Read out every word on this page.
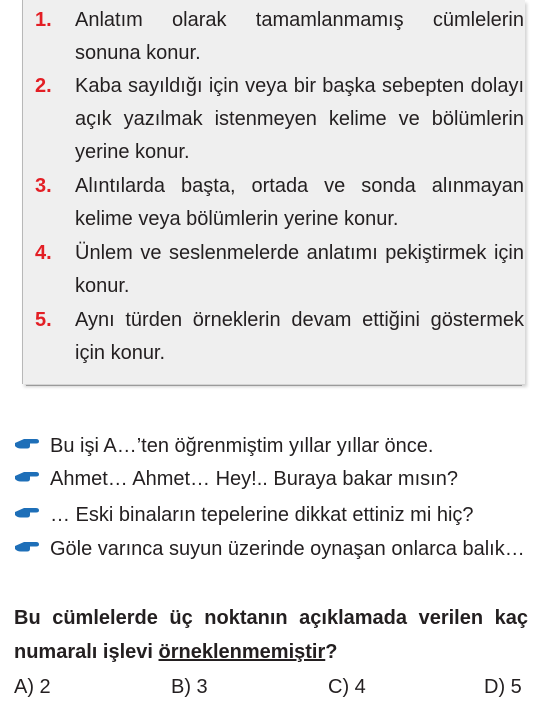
1.	Anlatım olarak tamamlanmamış cümlelerin sonuna konur.
2.	Kaba sayıldığı için veya bir başka sebepten dolayı açık yazılmak istenmeyen kelime ve bölümlerin yerine konur.
3.	Alıntılarda başta, ortada ve sonda alınmayan kelime veya bölümlerin yerine konur.
4.	Ünlem ve seslenmelerde anlatımı pekiştirmek için konur.
5.	Aynı türden örneklerin devam ettiğini göstermek için konur.
Bu işi A…’ten öğrenmiştim yıllar yıllar önce.
Ahmet… Ahmet… Hey!.. Buraya bakar mısın?
… Eski binaların tepelerine dikkat ettiniz mi hiç?
Göle varınca suyun üzerinde oynaşan onlarca balık…
Bu cümlelerde üç noktanın açıklamada verilen kaç numaralı işlevi örneklenmemiştir?
A) 2	B) 3	C) 4	D) 5
